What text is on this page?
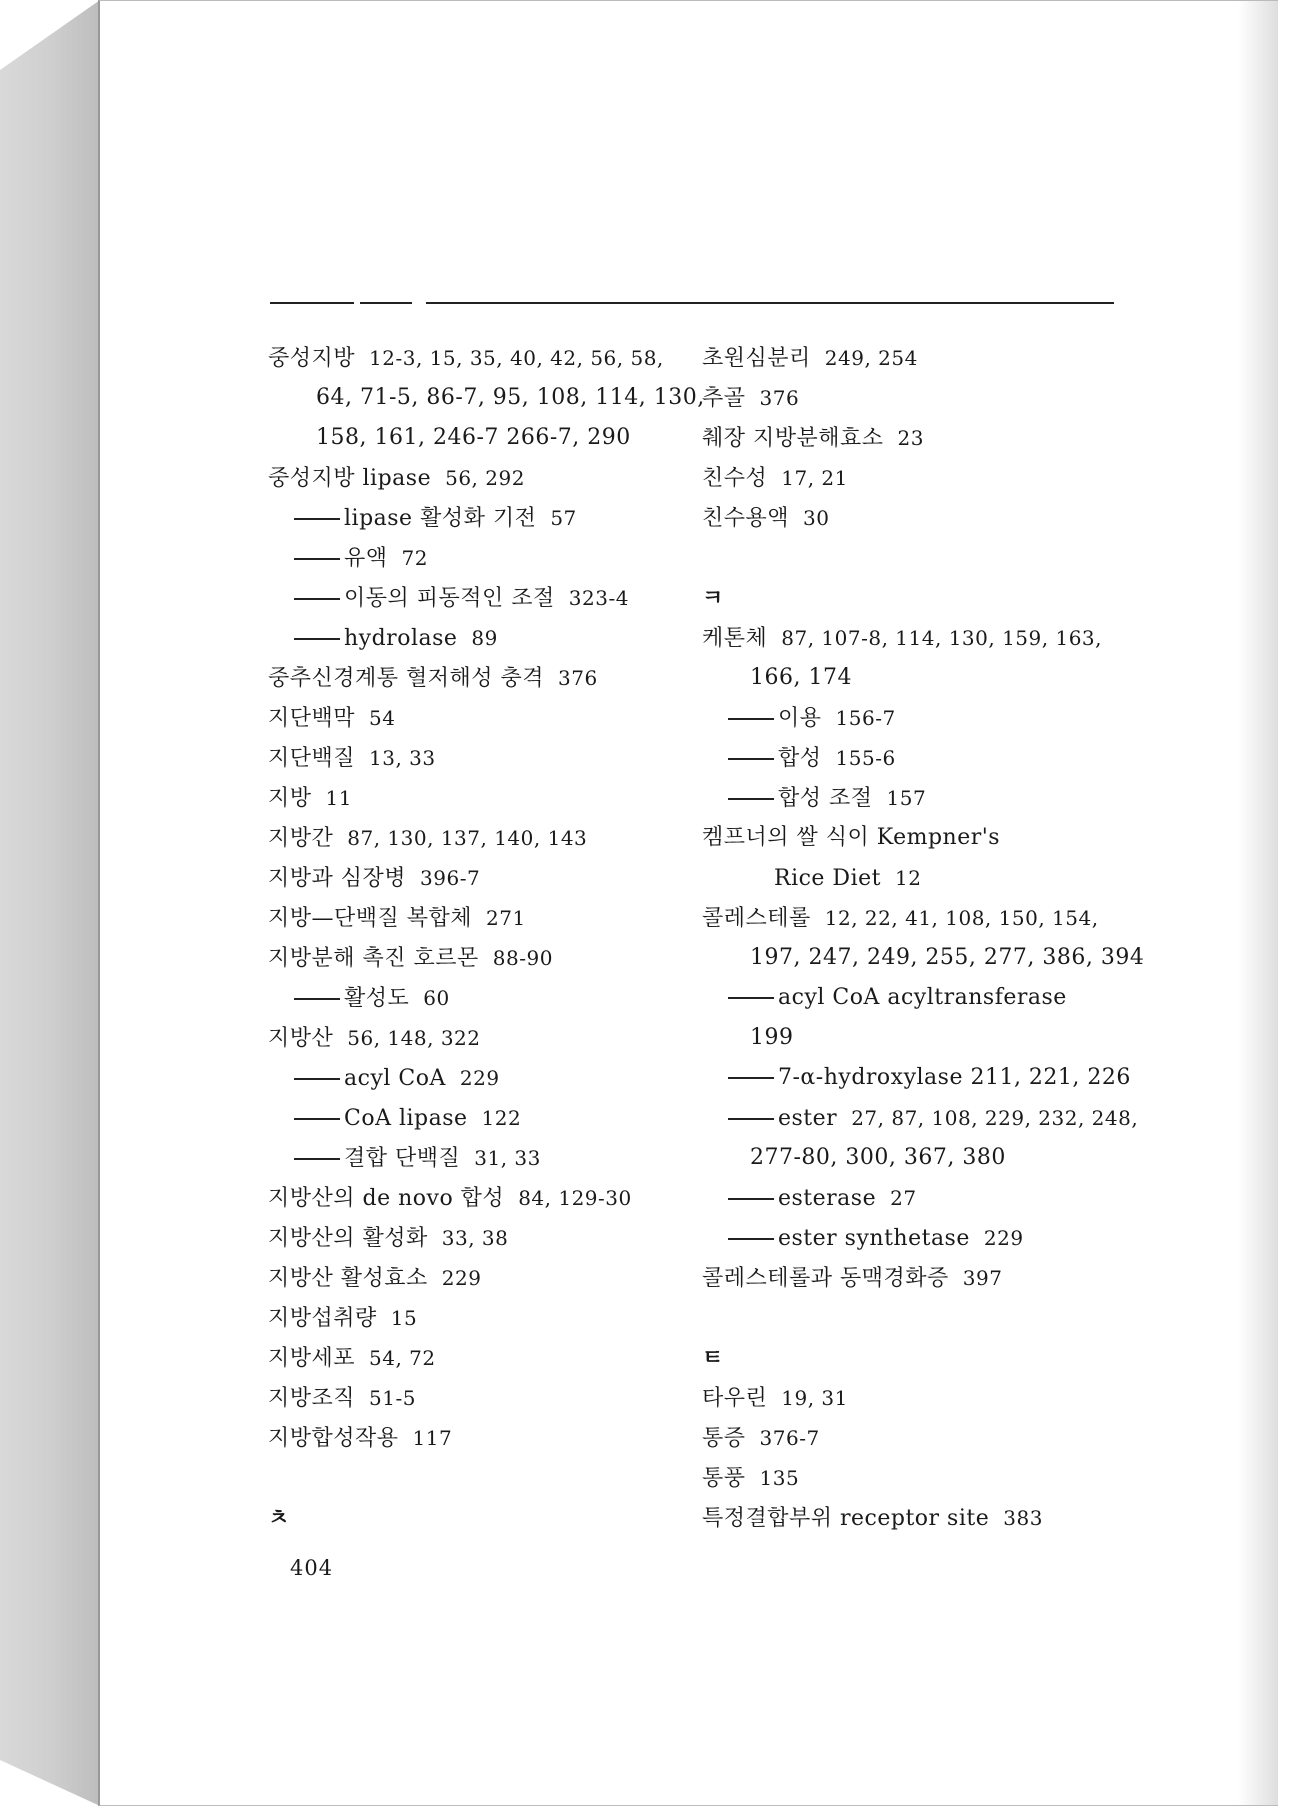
중성지방 12-3, 15, 35, 40, 42, 56, 58,
64, 71-5, 86-7, 95, 108, 114, 130,
158, 161, 246-7 266-7, 290
중성지방 lipase 56, 292
lipase 활성화 기전 57
유액 72
이동의 피동적인 조절 323-4
hydrolase 89
중추신경계통 혈저해성 충격 376
지단백막 54
지단백질 13, 33
지방 11
지방간 87, 130, 137, 140, 143
지방과 심장병 396-7
지방—단백질 복합체 271
지방분해 촉진 호르몬 88-90
활성도 60
지방산 56, 148, 322
acyl CoA 229
CoA lipase 122
결합 단백질 31, 33
지방산의 de novo 합성 84, 129-30
지방산의 활성화 33, 38
지방산 활성효소 229
지방섭취량 15
지방세포 54, 72
지방조직 51-5
지방합성작용 117
ㅊ
초원심분리 249, 254
추골 376
췌장 지방분해효소 23
친수성 17, 21
친수용액 30
ㅋ
케톤체 87, 107-8, 114, 130, 159, 163,
166, 174
이용 156-7
합성 155-6
합성 조절 157
켐프너의 쌀 식이 Kempner's
Rice Diet 12
콜레스테롤 12, 22, 41, 108, 150, 154,
197, 247, 249, 255, 277, 386, 394
acyl CoA acyltransferase
199
7-α-hydroxylase 211, 221, 226
ester 27, 87, 108, 229, 232, 248,
277-80, 300, 367, 380
esterase 27
ester synthetase 229
콜레스테롤과 동맥경화증 397
ㅌ
타우린 19, 31
통증 376-7
통풍 135
특정결합부위 receptor site 383
404
